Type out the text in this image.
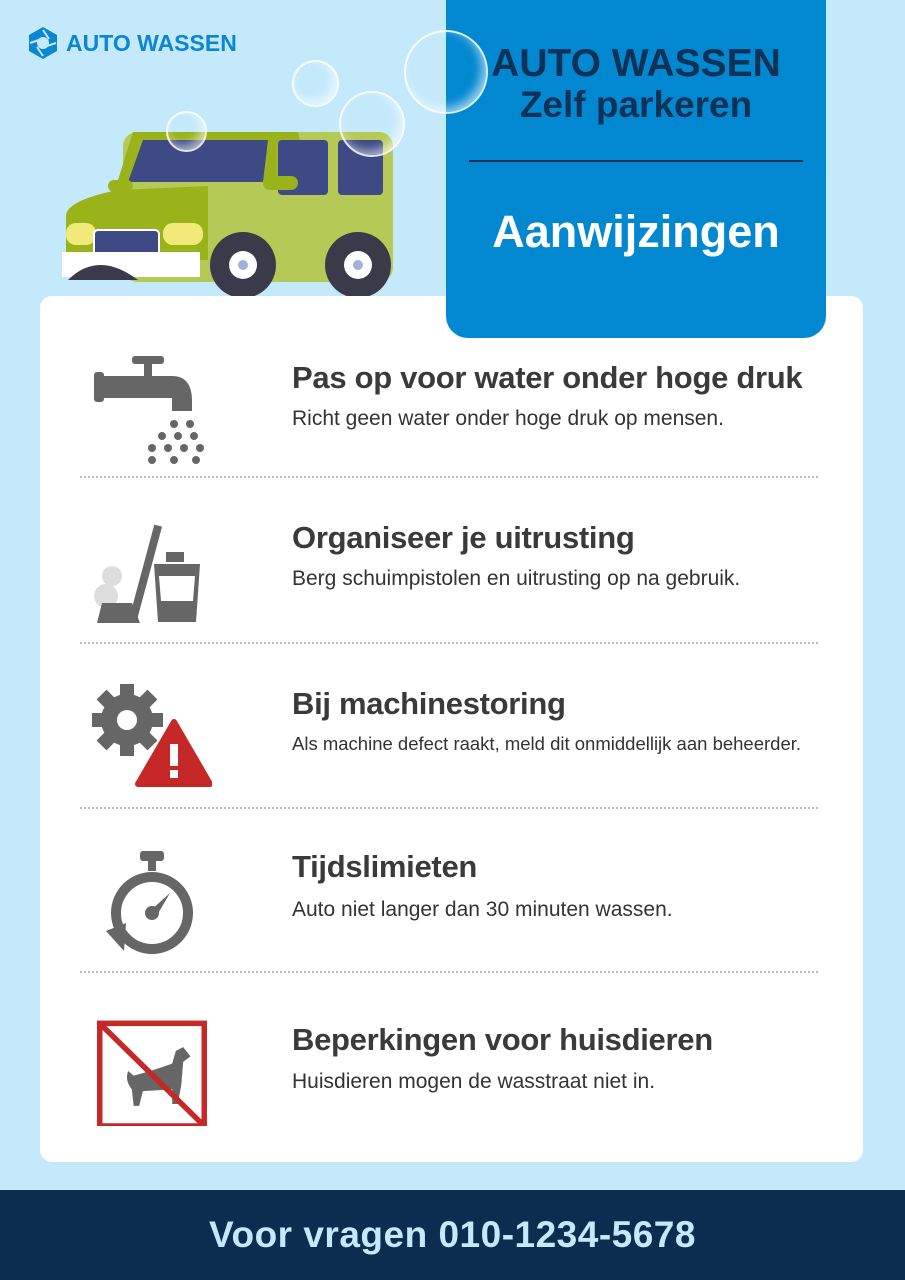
AUTO WASSEN	AUTO WASSEN
Zelf parkeren
Aanwijzingen
Pas op voor water onder hoge druk

Richt geen water onder hoge druk op mensen.

Organiseer je uitrusting

Berg schuimpistolen en uitrusting op na gebruik.

Bij machinestoring

Als machine defect raakt, meld dit onmiddellijk aan beheerder.

Tijdslimieten

Auto niet langer dan 30 minuten wassen.

Beperkingen voor huisdieren

Huisdieren mogen de wasstraat niet in.

Voor vragen 010-1234-5678
